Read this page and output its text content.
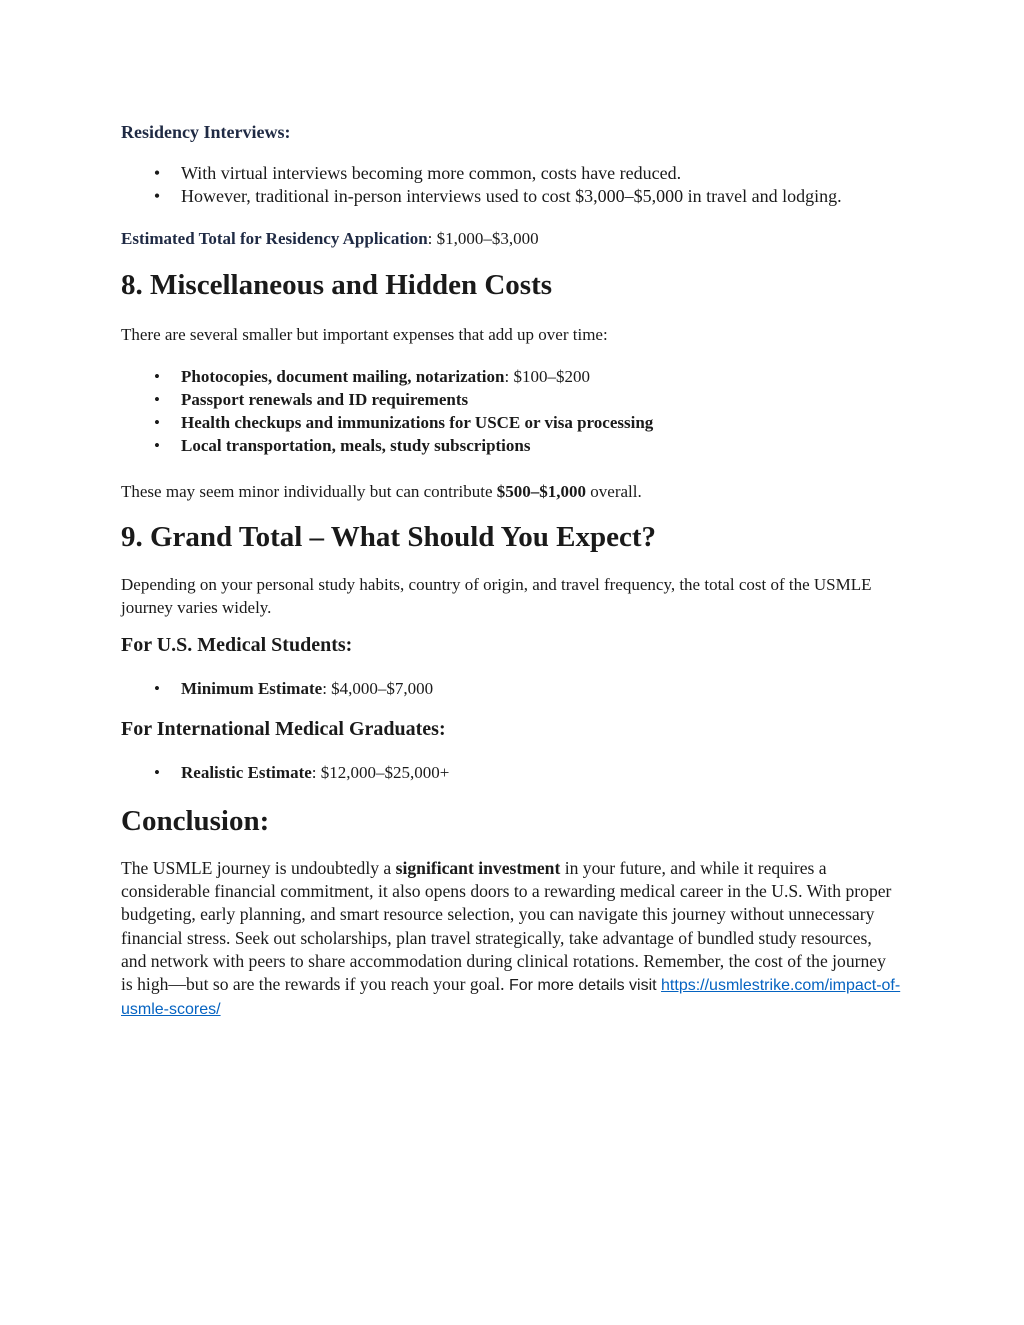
Residency Interviews:
• With virtual interviews becoming more common, costs have reduced.
• However, traditional in-person interviews used to cost $3,000–$5,000 in travel and lodging.

Estimated Total for Residency Application: $1,000–$3,000

8. Miscellaneous and Hidden Costs

There are several smaller but important expenses that add up over time:

• Photocopies, document mailing, notarization: $100–$200
• Passport renewals and ID requirements
• Health checkups and immunizations for USCE or visa processing
• Local transportation, meals, study subscriptions

These may seem minor individually but can contribute $500–$1,000 overall.

9. Grand Total – What Should You Expect?

Depending on your personal study habits, country of origin, and travel frequency, the total cost of the USMLE journey varies widely.

For U.S. Medical Students:
• Minimum Estimate: $4,000–$7,000
For International Medical Graduates:
• Realistic Estimate: $12,000–$25,000+
Conclusion:

The USMLE journey is undoubtedly a significant investment in your future, and while it requires a considerable financial commitment, it also opens doors to a rewarding medical career in the U.S. With proper budgeting, early planning, and smart resource selection, you can navigate this journey without unnecessary financial stress. Seek out scholarships, plan travel strategically, take advantage of bundled study resources, and network with peers to share accommodation during clinical rotations. Remember, the cost of the journey is high—but so are the rewards if you reach your goal. For more details visit https://usmlestrike.com/impact-of-usmle-scores/
